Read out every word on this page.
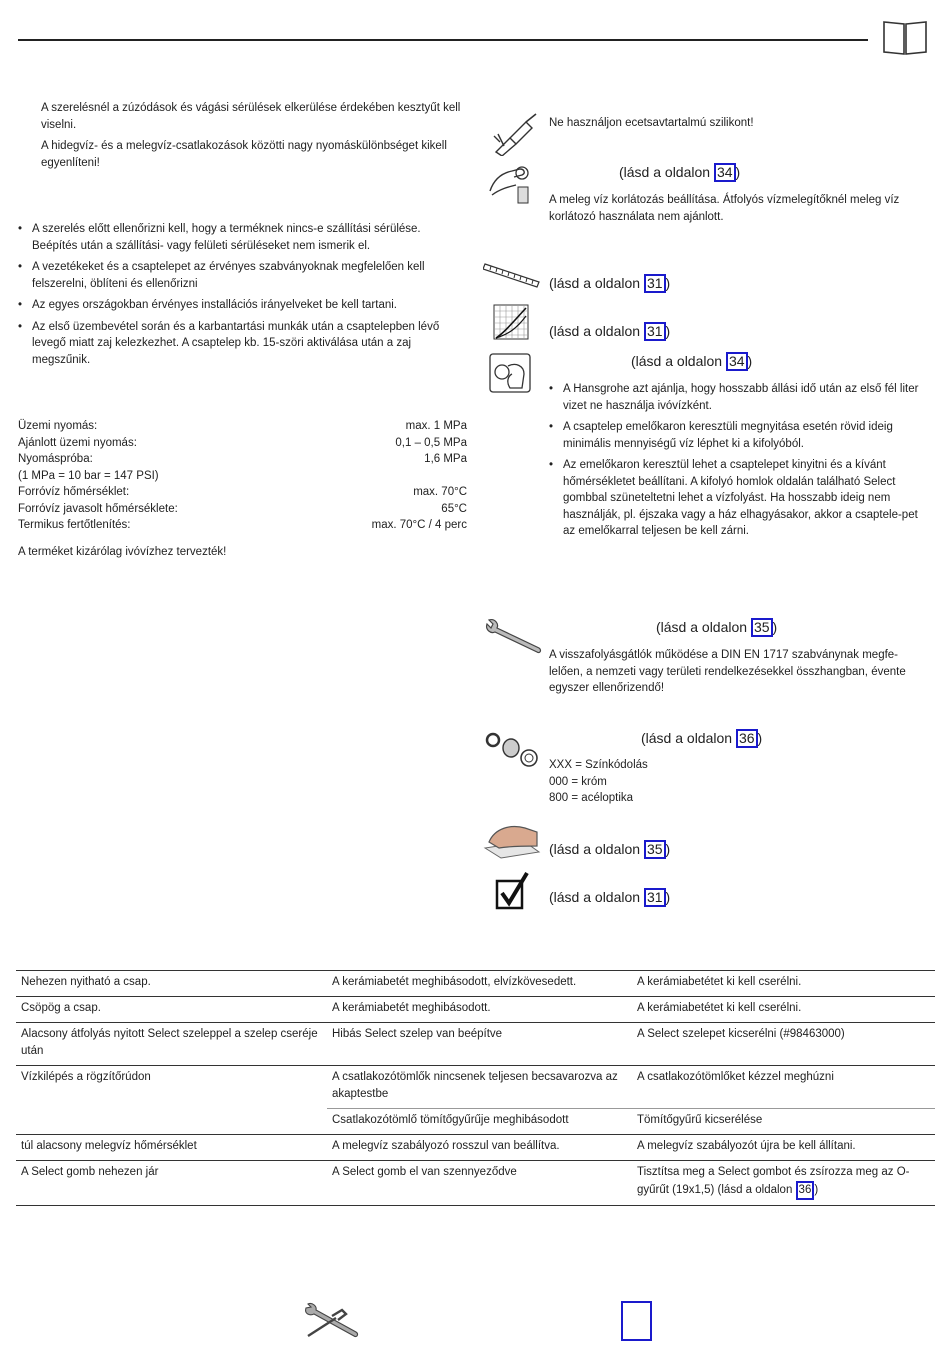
A szerelésnél a zúzódások és vágási sérülések elkerülése érdekében kesztyűt kell viselni.

A hidegvíz- és a melegvíz-csatlakozások közötti nagy nyomáskülönbséget kikell egyenlíteni!

• A szerelés előtt ellenőrizni kell, hogy a terméknek nincs-e szállítási sérülése. Beépítés után a szállítási- vagy felületi sérüléseket nem ismerik el.
• A vezetékeket és a csaptelepet az érvényes szabványoknak megfelelően kell felszerelni, öblíteni és ellenőrizni
• Az egyes országokban érvényes installációs irányelveket be kell tartani.
• Az első üzembevétel során és a karbantartási munkák után a csaptelepben lévő levegő miatt zaj kelezkezhet. A csaptelep kb. 15-szöri aktiválása után a zaj megszűnik.
Üzemi nyomás:	max. 1 MPa
Ajánlott üzemi nyomás:	0,1 – 0,5 MPa
Nyomáspróba:	1,6 MPa
(1 MPa = 10 bar = 147 PSI)
Forróvíz hőmérséklet:	max. 70°C
Forróvíz javasolt hőmérséklete:	65°C
Termikus fertőtlenítés:	max. 70°C / 4 perc
A terméket kizárólag ivóvízhez tervezték!
Ne használjon ecetsavtartalmú szilikont!
(lásd a oldalon 34 )
A meleg víz korlátozás beállítása. Átfolyós vízmelegítőknél meleg víz korlátozó használata nem ajánlott.
(lásd a oldalon 31 )
(lásd a oldalon 31 )
(lásd a oldalon 34 )
• A Hansgrohe azt ajánlja, hogy hosszabb állási idő után az első fél liter vizet ne használja ivóvízként.
• A csaptelep emelőkaron keresztüli megnyitása esetén rövid ideig minimális mennyiségű víz léphet ki a kifolyóból.
• Az emelőkaron keresztül lehet a csaptelepet kinyitni és a kívánt hőmérsékletet beállítani. A kifolyó homlok oldalán található Select gombbal szüneteltetni lehet a vízfolyást. Ha hosszabb ideig nem használják, pl. éjszaka vagy a ház elhagyásakor, akkor a csaptele-pet az emelőkarral teljesen be kell zárni.
(lásd a oldalon 35 )
A visszafolyásgátlók működése a DIN EN 1717 szabványnak megfe-lelően, a nemzeti vagy területi rendelkezésekkel összhangban, évente egyszer ellenőrizendő!
(lásd a oldalon 36 )
XXX = Színkódolás
000 = króm
800 = acéloptika
(lásd a oldalon 35 )
(lásd a oldalon 31 )
Nehezen nyitható a csap.	A kerámiabetét meghibásodott, elvízkövesedett.	A kerámiabetétet ki kell cserélni.
Csöpög a csap.	A kerámiabetét meghibásodott.	A kerámiabetétet ki kell cserélni.
Alacsony átfolyás nyitott Select szeleppel a szelep cseréje után	Hibás Select szelep van beépítve	A Select szelepet kicserélni (#98463000)
Vízkilépés a rögzítőrúdon	A csatlakozótömlők nincsenek teljesen becsavarozva az akaptestbe	A csatlakozótömlőket kézzel meghúzni
	Csatlakozótömlő tömítőgyűrűje meghibásodott	Tömítőgyűrű kicserélése
túl alacsony melegvíz hőmérséklet	A melegvíz szabályozó rosszul van beállítva.	A melegvíz szabályozót újra be kell állítani.
A Select gomb nehezen jár	A Select gomb el van szennyeződve	Tisztítsa meg a Select gombot és zsírozza meg az O-gyűrűt (19x1,5) (lásd a oldalon 36 )
